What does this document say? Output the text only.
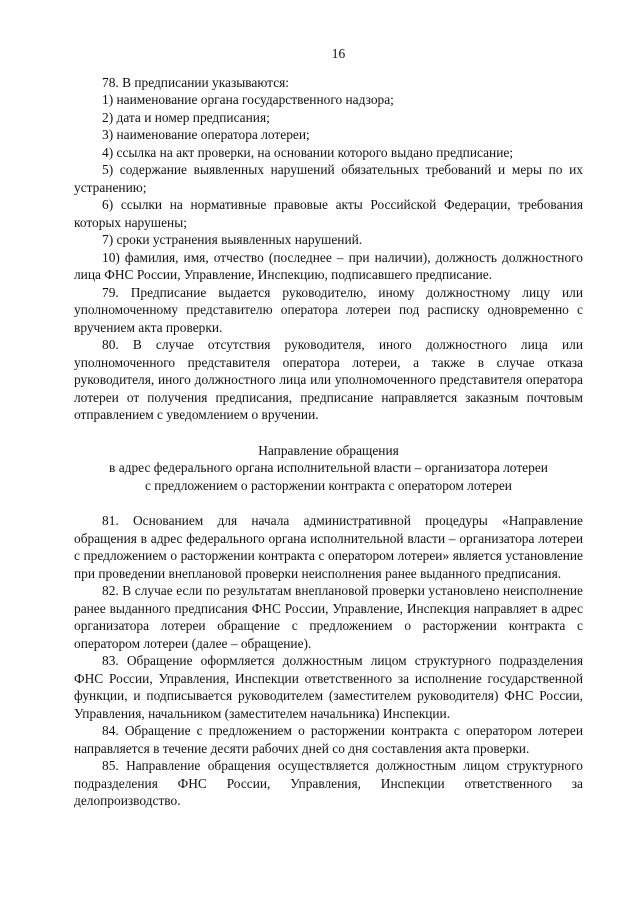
16

78. В предписании указываются:

1) наименование органа государственного надзора;

2) дата и номер предписания;

3) наименование оператора лотереи;

4) ссылка на акт проверки, на основании которого выдано предписание;

5) содержание выявленных нарушений обязательных требований и меры по их устранению;

6) ссылки на нормативные правовые акты Российской Федерации, требования которых нарушены;

7) сроки устранения выявленных нарушений.

10) фамилия, имя, отчество (последнее – при наличии), должность должностного лица ФНС России, Управление, Инспекцию, подписавшего предписание.

79. Предписание выдается руководителю, иному должностному лицу или уполномоченному представителю оператора лотереи под расписку одновременно с вручением акта проверки.

80. В случае отсутствия руководителя, иного должностного лица или уполномоченного представителя оператора лотереи, а также в случае отказа руководителя, иного должностного лица или уполномоченного представителя оператора лотереи от получения предписания, предписание направляется заказным почтовым отправлением с уведомлением о вручении.

Направление обращения

в адрес федерального органа исполнительной власти – организатора лотереи

с предложением о расторжении контракта с оператором лотереи

81. Основанием для начала административной процедуры «Направление обращения в адрес федерального органа исполнительной власти – организатора лотереи с предложением о расторжении контракта с оператором лотереи» является установление при проведении внеплановой проверки неисполнения ранее выданного предписания.

82. В случае если по результатам внеплановой проверки установлено неисполнение ранее выданного предписания ФНС России, Управление, Инспекция направляет в адрес организатора лотереи обращение с предложением о расторжении контракта с оператором лотереи (далее – обращение).

83. Обращение оформляется должностным лицом структурного подразделения ФНС России, Управления, Инспекции ответственного за исполнение государственной функции, и подписывается руководителем (заместителем руководителя) ФНС России, Управления, начальником (заместителем начальника) Инспекции.

84. Обращение с предложением о расторжении контракта с оператором лотереи направляется в течение десяти рабочих дней со дня составления акта проверки.

85. Направление обращения осуществляется должностным лицом структурного подразделения ФНС России, Управления, Инспекции ответственного за делопроизводство.
